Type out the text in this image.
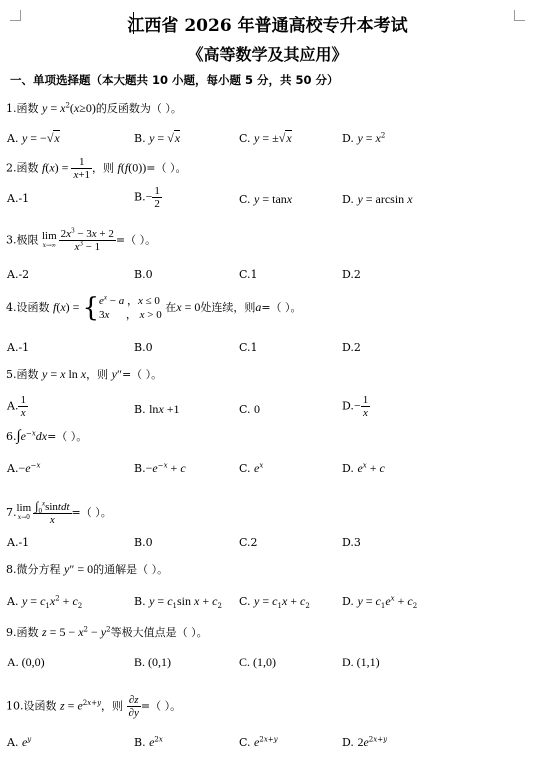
江西省 2026 年普通高校专升本考试
《高等数学及其应用》
一、单项选择题（本大题共 10 小题，每小题 5 分，共 50 分）
1.函数 $y = x^2(x\ge 0)$的反函数为（ ）。
A. y = −√x	B. y = √x	C. y = ±√x	D. $y = x^2$
2.函数 $f(x) = \frac{1}{x+1}$ ，则 f(f(0))=（ ）。
A.-1	$B.- \frac{1}{2}$	C. y = tanx	D. y = arcsin x
3.极限 lim
$x\to\infty \frac{2x^3 - 3x + 2}{x^3 - 1}$ =（ ）。
A.-2	B.0	C.1	D.2
4.设函数 f(x) = { $e^x - a$ ，x ≤ 0
3x      ， x > 0
在x = 0处连续，则a=（ ）。
A.-1	B.0	C.1	D.2
5.函数 y = x ln x，则 y″=（ ）。
A. $\frac{1}{x}$	B. lnx +1	C. 0	$D.- \frac{1}{x}$
$6.\int e^{-x}dx=$（ ）。
$A.-e^{-x}$	$B.-e^{-x} + c$	C. $e^x$	D. $e^x + c$
7. lim
$x\to 0 \frac{\int_0^xsintdt}{x}$ =（ ）。
A.-1	B.0	C.2	D.3
8.微分方程 y″ = 0的通解是（ ）。
A. $y = c_1x^2 + c_2$	B. $y = c_1\sin$ $x + c_2$ C. $y = c_1x + c_2$	D. $y = c_1e^x + c_2$
9.函数 $z = 5 - x^2 - y^2$等极大值点是（ ）。
A. (0,0)	B. (0,1)	C. (1,0)	D. (1,1)
10.设函数 $z = e^{2x+y}$，则 $\frac{\partial z}{\partial y}$ =（ ）。
A. $e^y$	B. $e^{2x}$	C. $e^{2x+y}$	D. $2e^{2x+y}$
